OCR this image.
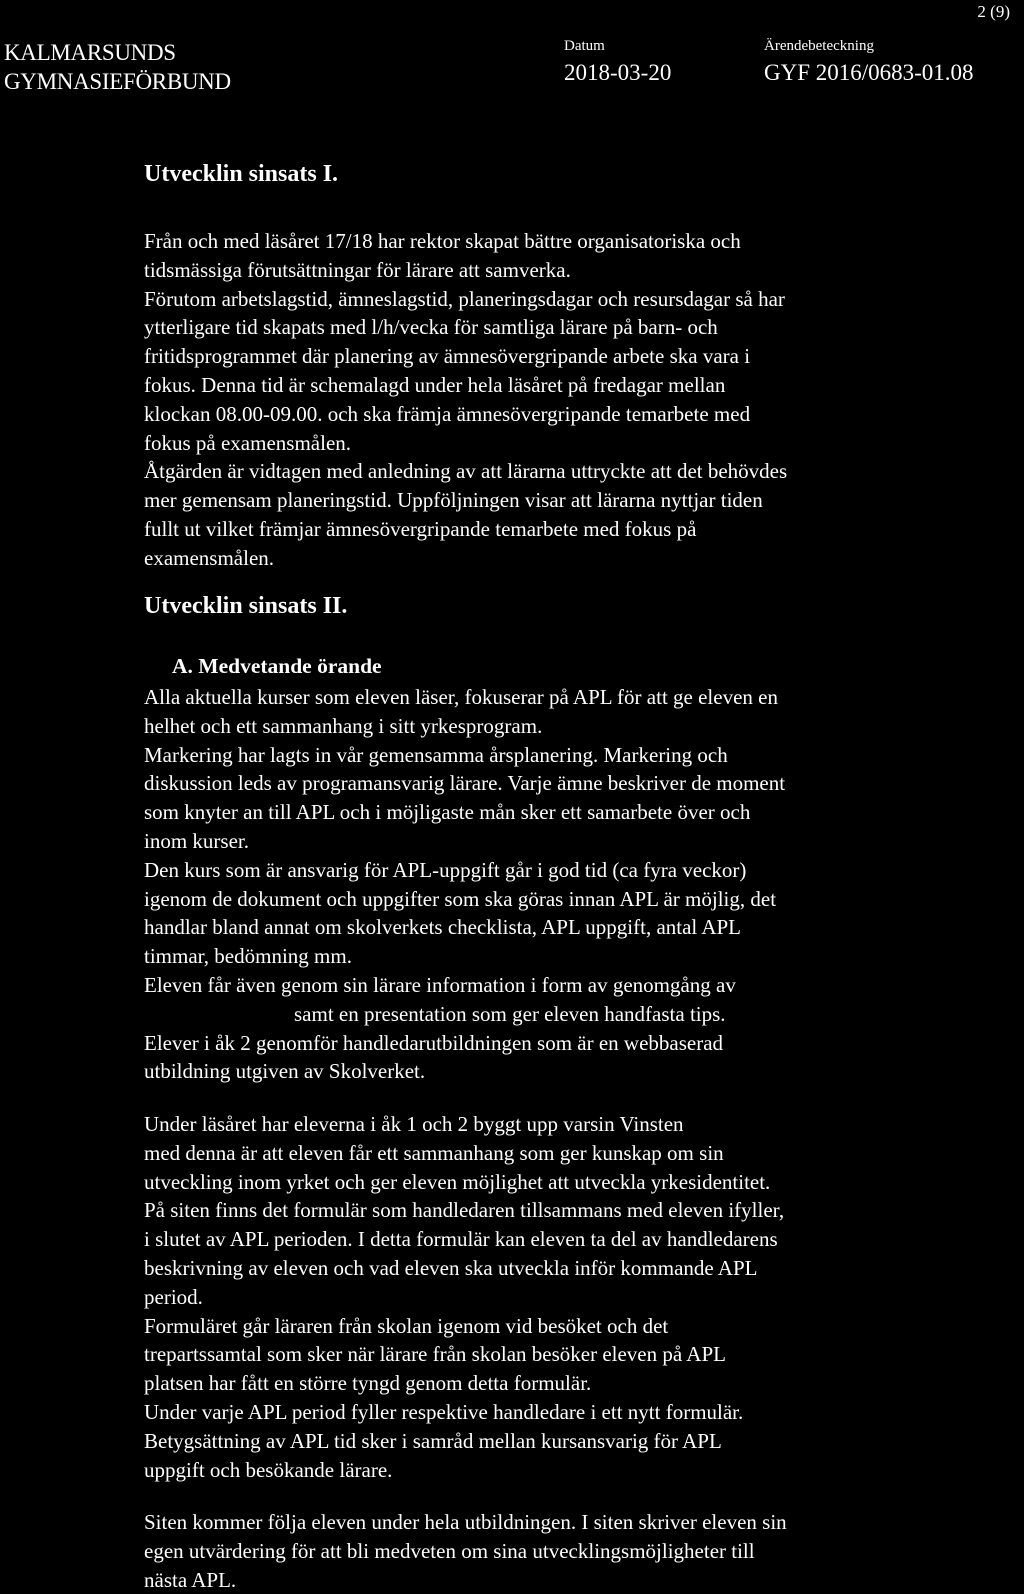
2 (9)
KALMARSUNDS
GYMNASIEFÖRBUND
Datum
2018-03-20
Ärendebeteckning
GYF 2016/0683-01.08
Utvecklin sinsats I.

Från och med läsåret 17/18 har rektor skapat bättre organisatoriska och

tidsmässiga förutsättningar för lärare att samverka.

Förutom arbetslagstid, ämneslagstid, planeringsdagar och resursdagar så har

ytterligare tid skapats med l/h/vecka för samtliga lärare på barn- och

fritidsprogrammet där planering av ämnesövergripande arbete ska vara i

fokus. Denna tid är schemalagd under hela läsåret på fredagar mellan

klockan 08.00-09.00. och ska främja ämnesövergripande temarbete med

fokus på examensmålen.

Åtgärden är vidtagen med anledning av att lärarna uttryckte att det behövdes

mer gemensam planeringstid. Uppföljningen visar att lärarna nyttjar tiden

fullt ut vilket främjar ämnesövergripande temarbete med fokus på

examensmålen.

Utvecklin sinsats II.
A. Medvetande örande

Alla aktuella kurser som eleven läser, fokuserar på APL för att ge eleven en

helhet och ett sammanhang i sitt yrkesprogram.

Markering har lagts in vår gemensamma årsplanering. Markering och

diskussion leds av programansvarig lärare. Varje ämne beskriver de moment

som knyter an till APL och i möjligaste mån sker ett samarbete över och

inom kurser.

Den kurs som är ansvarig för APL-uppgift går i god tid (ca fyra veckor)

igenom de dokument och uppgifter som ska göras innan APL är möjlig, det

handlar bland annat om skolverkets checklista, APL uppgift, antal APL

timmar, bedömning mm.

Eleven får även genom sin lärare information i form av genomgång av

samt en presentation som ger eleven handfasta tips.

Elever i åk 2 genomför handledarutbildningen som är en webbaserad

utbildning utgiven av Skolverket.

Under läsåret har eleverna i åk 1 och 2 byggt upp varsin Vinsten

med denna är att eleven får ett sammanhang som ger kunskap om sin

utveckling inom yrket och ger eleven möjlighet att utveckla yrkesidentitet.

På siten finns det formulär som handledaren tillsammans med eleven ifyller,

i slutet av APL perioden. I detta formulär kan eleven ta del av handledarens

beskrivning av eleven och vad eleven ska utveckla inför kommande APL

period.

Formuläret går läraren från skolan igenom vid besöket och det

trepartssamtal som sker när lärare från skolan besöker eleven på APL

platsen har fått en större tyngd genom detta formulär.

Under varje APL period fyller respektive handledare i ett nytt formulär.

Betygsättning av APL tid sker i samråd mellan kursansvarig för APL

uppgift och besökande lärare.

Siten kommer följa eleven under hela utbildningen. I siten skriver eleven sin

egen utvärdering för att bli medveten om sina utvecklingsmöjligheter till

nästa APL.
